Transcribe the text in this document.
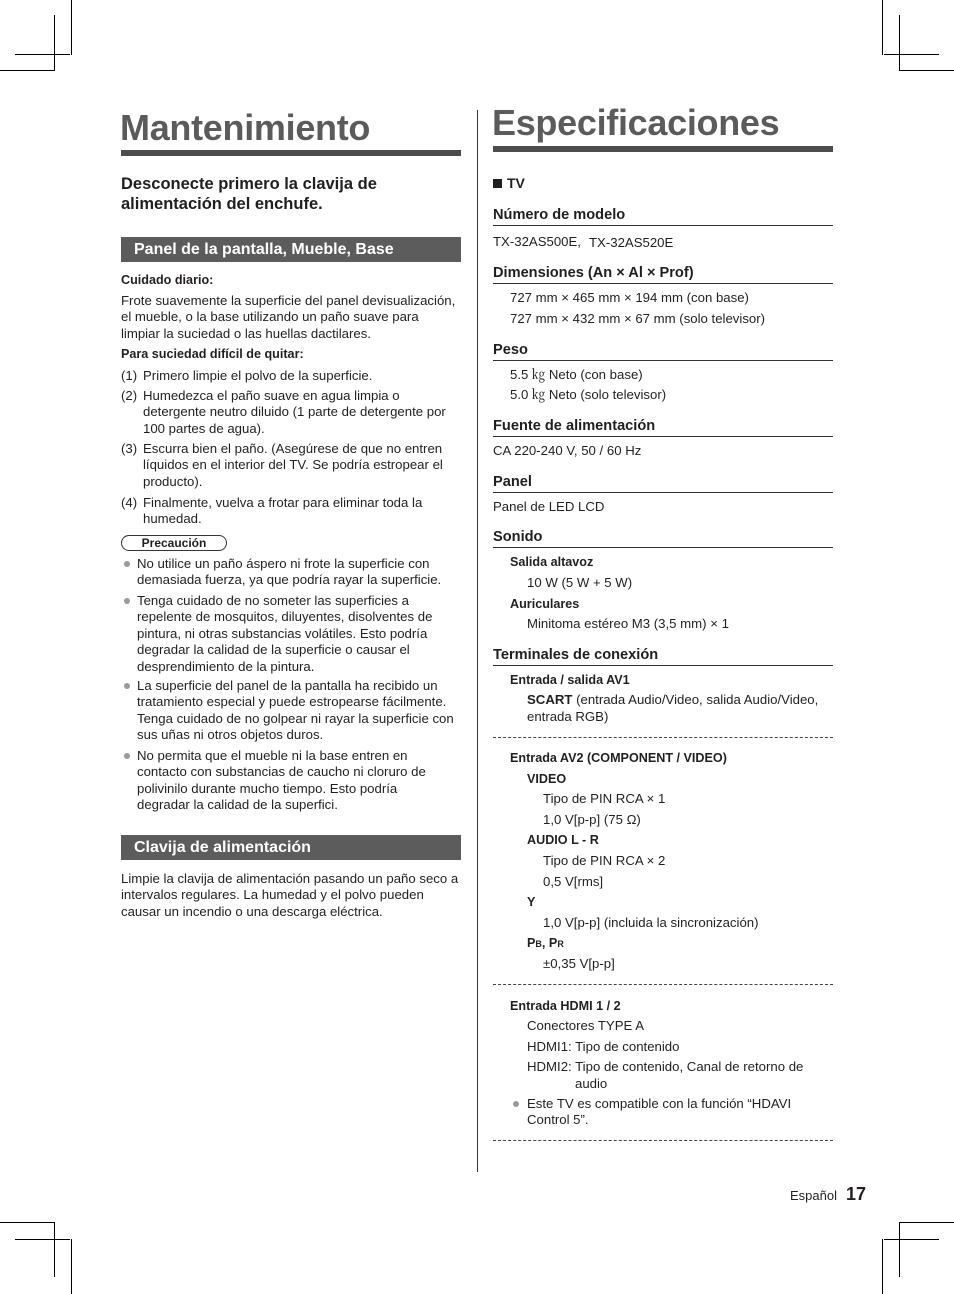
Mantenimiento
Desconecte primero la clavija de alimentación del enchufe.
Panel de la pantalla, Mueble, Base
Cuidado diario:
Frote suavemente la superficie del panel devisualización, el mueble, o la base utilizando un paño suave para limpiar la suciedad o las huellas dactilares.
Para suciedad difícil de quitar:
(1) Primero limpie el polvo de la superficie.
(2) Humedezca el paño suave en agua limpia o detergente neutro diluido (1 parte de detergente por 100 partes de agua).
(3) Escurra bien el paño. (Asegúrese de que no entren líquidos en el interior del TV. Se podría estropear el producto).
(4) Finalmente, vuelva a frotar para eliminar toda la humedad.
Precaución
No utilice un paño áspero ni frote la superficie con demasiada fuerza, ya que podría rayar la superficie.
Tenga cuidado de no someter las superficies a repelente de mosquitos, diluyentes, disolventes de pintura, ni otras substancias volátiles. Esto podría degradar la calidad de la superficie o causar el desprendimiento de la pintura.
La superficie del panel de la pantalla ha recibido un tratamiento especial y puede estropearse fácilmente. Tenga cuidado de no golpear ni rayar la superficie con sus uñas ni otros objetos duros.
No permita que el mueble ni la base entren en contacto con substancias de caucho ni cloruro de polivinilo durante mucho tiempo. Esto podría degradar la calidad de la superfici.
Clavija de alimentación
Limpie la clavija de alimentación pasando un paño seco a intervalos regulares. La humedad y el polvo pueden causar un incendio o una descarga eléctrica.
Especificaciones
TV
Número de modelo
TX-32AS500E, TX-32AS520E
Dimensiones (An × Al × Prof)
727 mm × 465 mm × 194 mm (con base)
727 mm × 432 mm × 67 mm (solo televisor)
Peso
5.5 ㎏ Neto (con base)
5.0 ㎏ Neto (solo televisor)
Fuente de alimentación
CA 220-240 V, 50 / 60 Hz
Panel
Panel de LED LCD
Sonido
Salida altavoz
10 W (5 W + 5 W)
Auriculares
Minitoma estéreo M3 (3,5 mm) × 1
Terminales de conexión
Entrada / salida AV1
SCART (entrada Audio/Video, salida Audio/Video,
entrada RGB)
Entrada AV2 (COMPONENT / VIDEO)
VIDEO
Tipo de PIN RCA × 1
1,0 V[p-p] (75 Ω)
AUDIO L - R
Tipo de PIN RCA × 2
0,5 V[rms]
Y
1,0 V[p-p] (incluida la sincronización)
PB, PR
±0,35 V[p-p]
Entrada HDMI 1 / 2
Conectores TYPE A
HDMI1: Tipo de contenido
HDMI2: Tipo de contenido, Canal de retorno de
audio
Este TV es compatible con la función “HDAVI Control 5”.
Español 17
